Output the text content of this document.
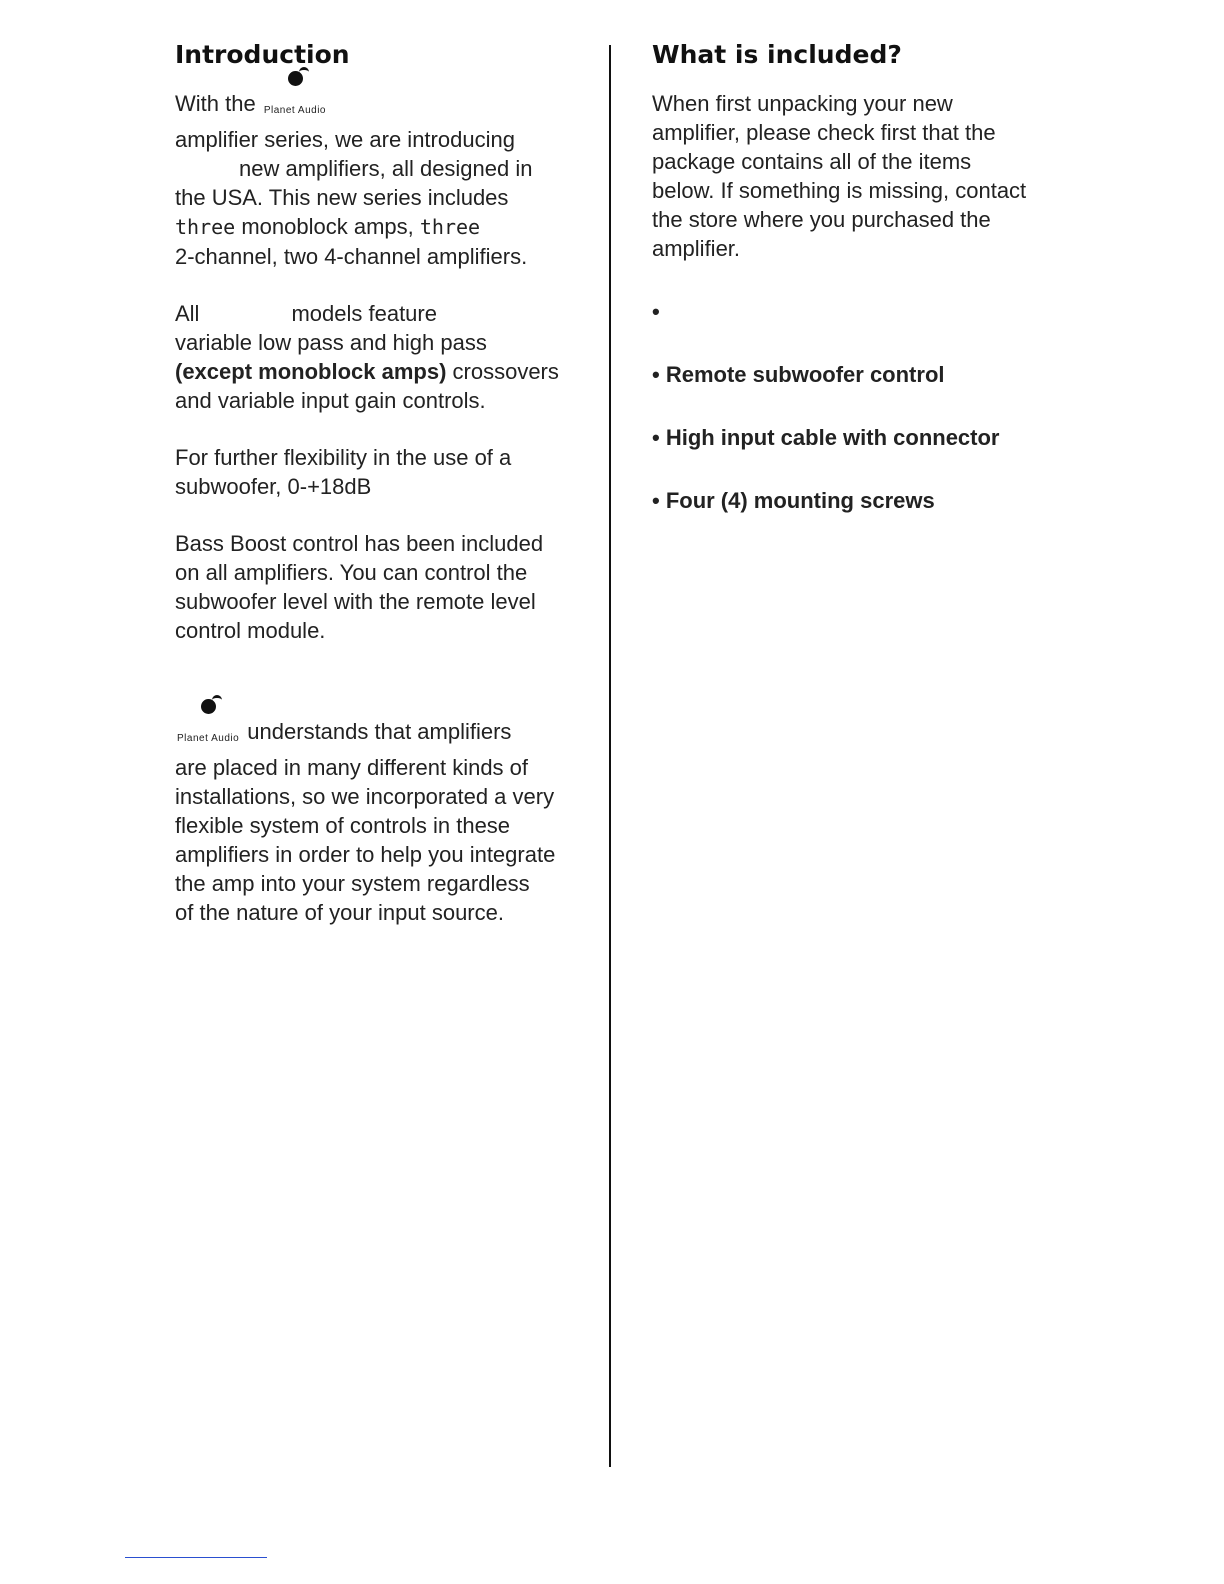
Introduction

With the Planet Audio
amplifier series, we are introducing
new amplifiers, all designed in
the USA. This new series includes
three monoblock amps, three
2-channel, two 4-channel amplifiers.

All	models feature
variable low pass and high pass
(except monoblock amps) crossovers
and variable input gain controls.

For further flexibility in the use of a
subwoofer, 0-+18dB

Bass Boost control has been included
on all amplifiers. You can control the
subwoofer level with the remote level
control module.

Planet Audio understands that amplifiers
are placed in many different kinds of
installations, so we incorporated a very
flexible system of controls in these
amplifiers in order to help you integrate
the amp into your system regardless
of the nature of your input source.

What is included?

When first unpacking your new
amplifier, please check first that the
package contains all of the items
below. If something is missing, contact
the store where you purchased the
amplifier.

•
• Remote subwoofer control
• High input cable with connector
• Four (4) mounting screws
